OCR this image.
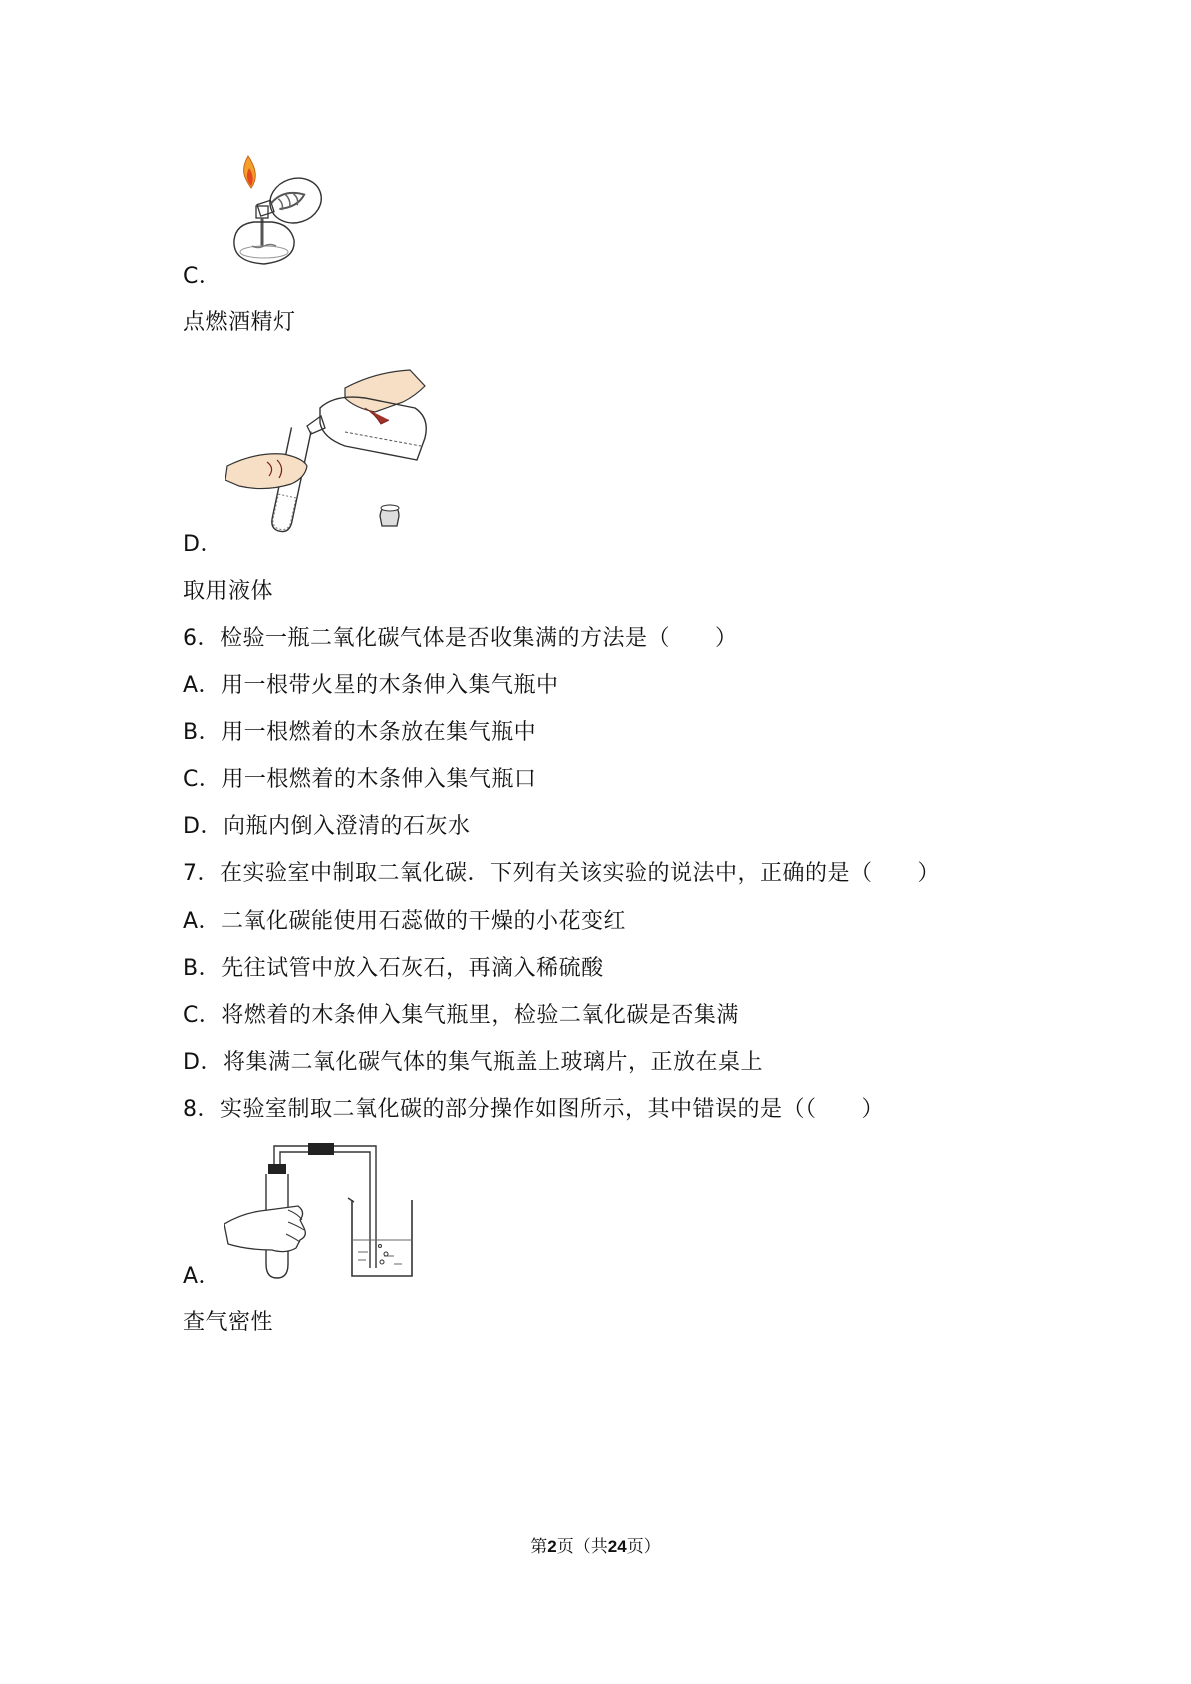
C．
点燃酒精灯
D．
取用液体
6．检验一瓶二氧化碳气体是否收集满的方法是（　　）
A．用一根带火星的木条伸入集气瓶中
B．用一根燃着的木条放在集气瓶中
C．用一根燃着的木条伸入集气瓶口
D．向瓶内倒入澄清的石灰水
7．在实验室中制取二氧化碳．下列有关该实验的说法中，正确的是（　　）
A．二氧化碳能使用石蕊做的干燥的小花变红
B．先往试管中放入石灰石，再滴入稀硫酸
C．将燃着的木条伸入集气瓶里，检验二氧化碳是否集满
D．将集满二氧化碳气体的集气瓶盖上玻璃片，正放在桌上
8．实验室制取二氧化碳的部分操作如图所示，其中错误的是（（　　）
A．
查气密性
第2页（共24页）
